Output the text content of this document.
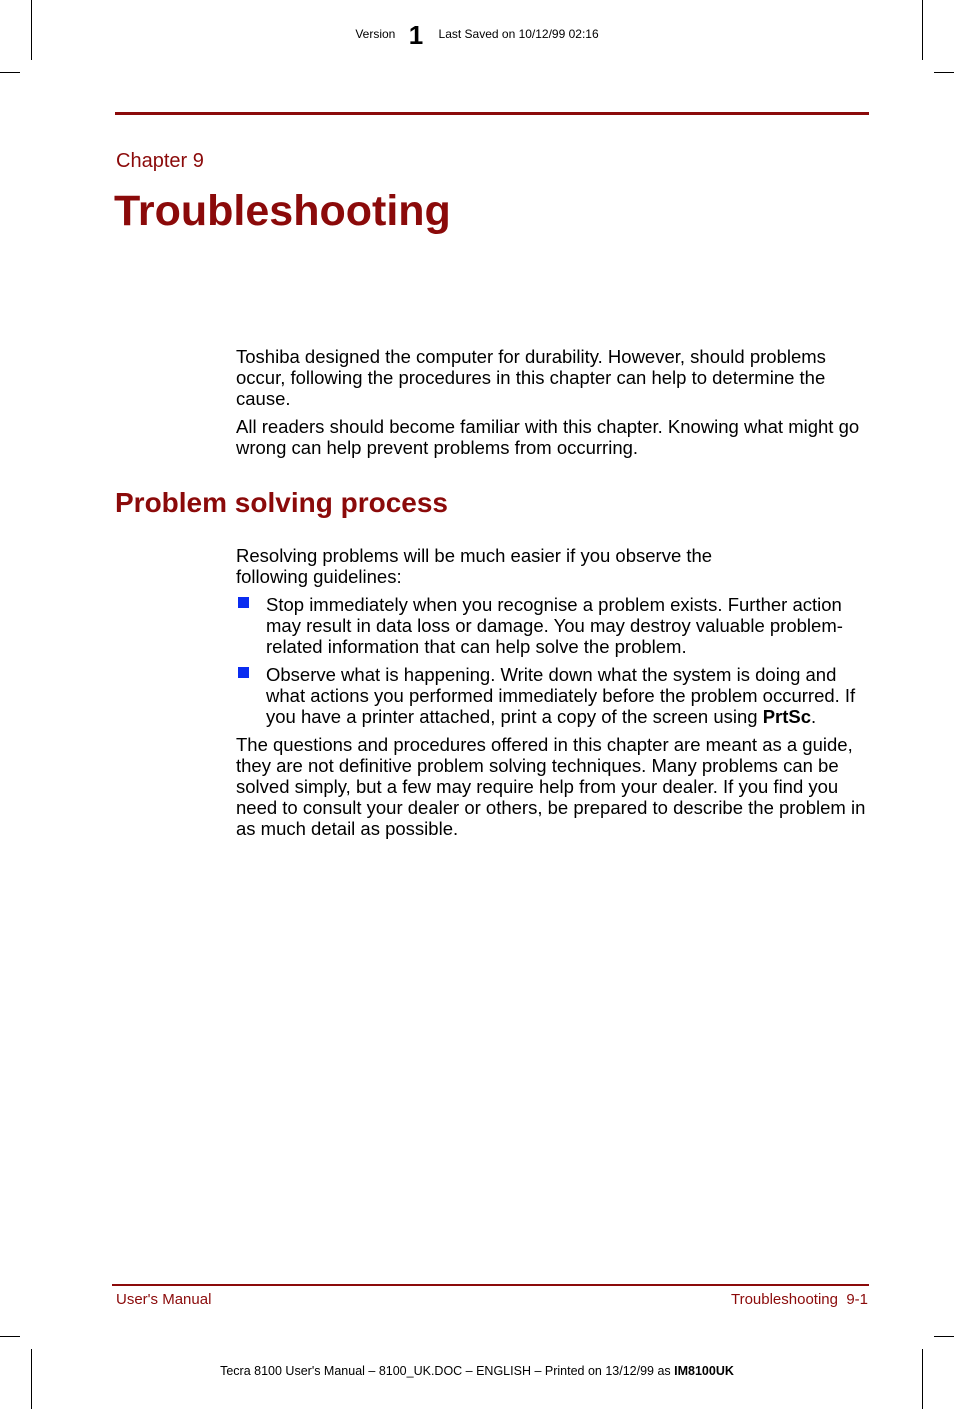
Version 1 Last Saved on 10/12/99 02:16
Chapter 9
Troubleshooting

Toshiba designed the computer for durability. However, should problems occur, following the procedures in this chapter can help to determine the cause.

All readers should become familiar with this chapter. Knowing what might go wrong can help prevent problems from occurring.

Problem solving process

Resolving problems will be much easier if you observe the following guidelines:

Stop immediately when you recognise a problem exists. Further action may result in data loss or damage. You may destroy valuable problem-related information that can help solve the problem.
Observe what is happening. Write down what the system is doing and what actions you performed immediately before the problem occurred. If you have a printer attached, print a copy of the screen using PrtSc.

The questions and procedures offered in this chapter are meant as a guide, they are not definitive problem solving techniques. Many problems can be solved simply, but a few may require help from your dealer. If you find you need to consult your dealer or others, be prepared to describe the problem in as much detail as possible.

User's Manual	Troubleshooting  9-1
Tecra 8100 User's Manual – 8100_UK.DOC – ENGLISH – Printed on 13/12/99 as IM8100UK
